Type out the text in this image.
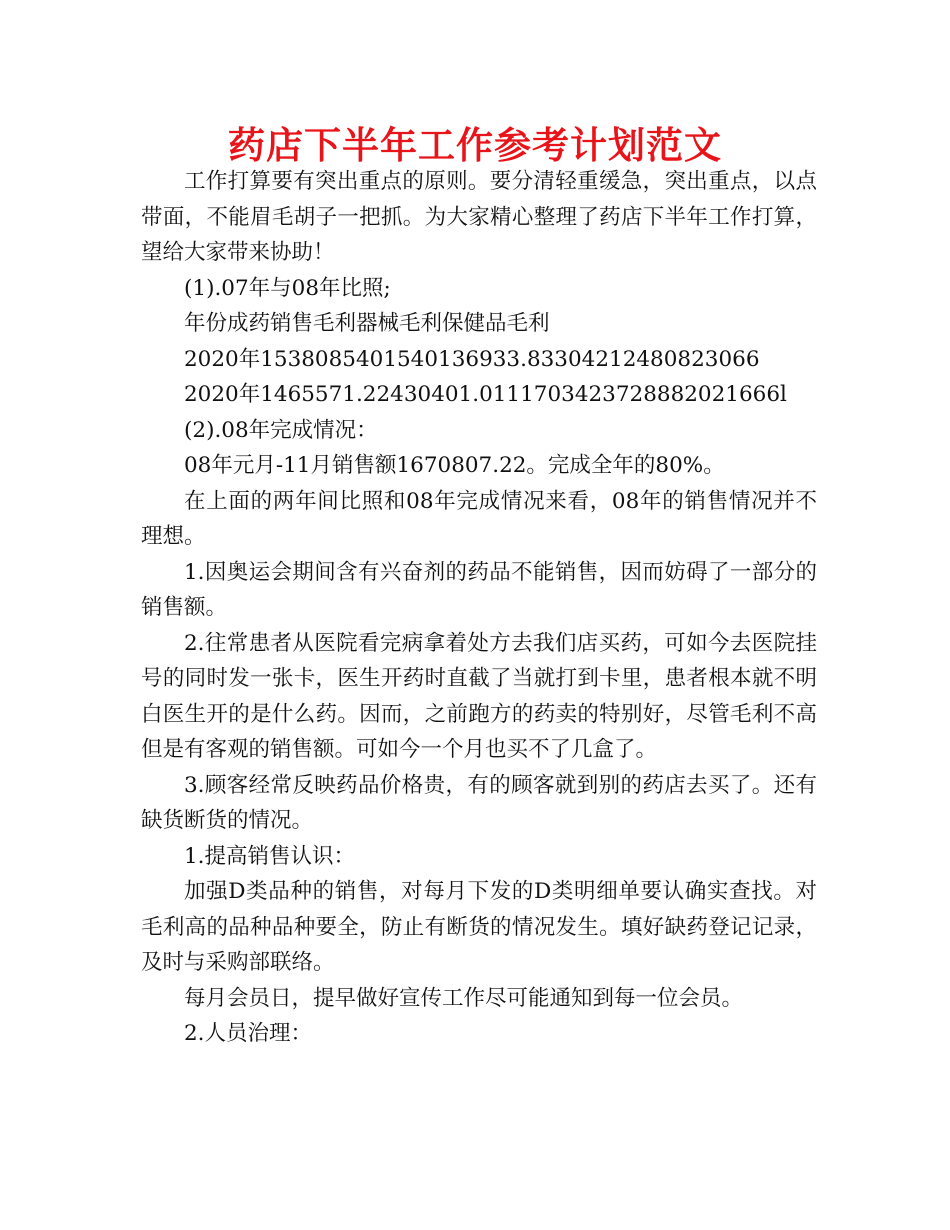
药店下半年工作参考计划范文

工作打算要有突出重点的原则。要分清轻重缓急，突出重点，以点带面，不能眉毛胡子一把抓。为大家精心整理了药店下半年工作打算，望给大家带来协助！

(1).07年与08年比照;

年份成药销售毛利器械毛利保健品毛利

2020年1538085401540136933.83304212480823066

2020年1465571.22430401.0111703423728882021666l

(2).08年完成情况：

08年元月-11月销售额1670807.22。完成全年的80%。

在上面的两年间比照和08年完成情况来看，08年的销售情况并不理想。

1.因奥运会期间含有兴奋剂的药品不能销售，因而妨碍了一部分的销售额。

2.往常患者从医院看完病拿着处方去我们店买药，可如今去医院挂号的同时发一张卡，医生开药时直截了当就打到卡里，患者根本就不明白医生开的是什么药。因而，之前跑方的药卖的特别好，尽管毛利不高但是有客观的销售额。可如今一个月也买不了几盒了。

3.顾客经常反映药品价格贵，有的顾客就到别的药店去买了。还有缺货断货的情况。

1.提高销售认识：

加强D类品种的销售，对每月下发的D类明细单要认确实查找。对毛利高的品种品种要全，防止有断货的情况发生。填好缺药登记记录，及时与采购部联络。

每月会员日，提早做好宣传工作尽可能通知到每一位会员。

2.人员治理：
